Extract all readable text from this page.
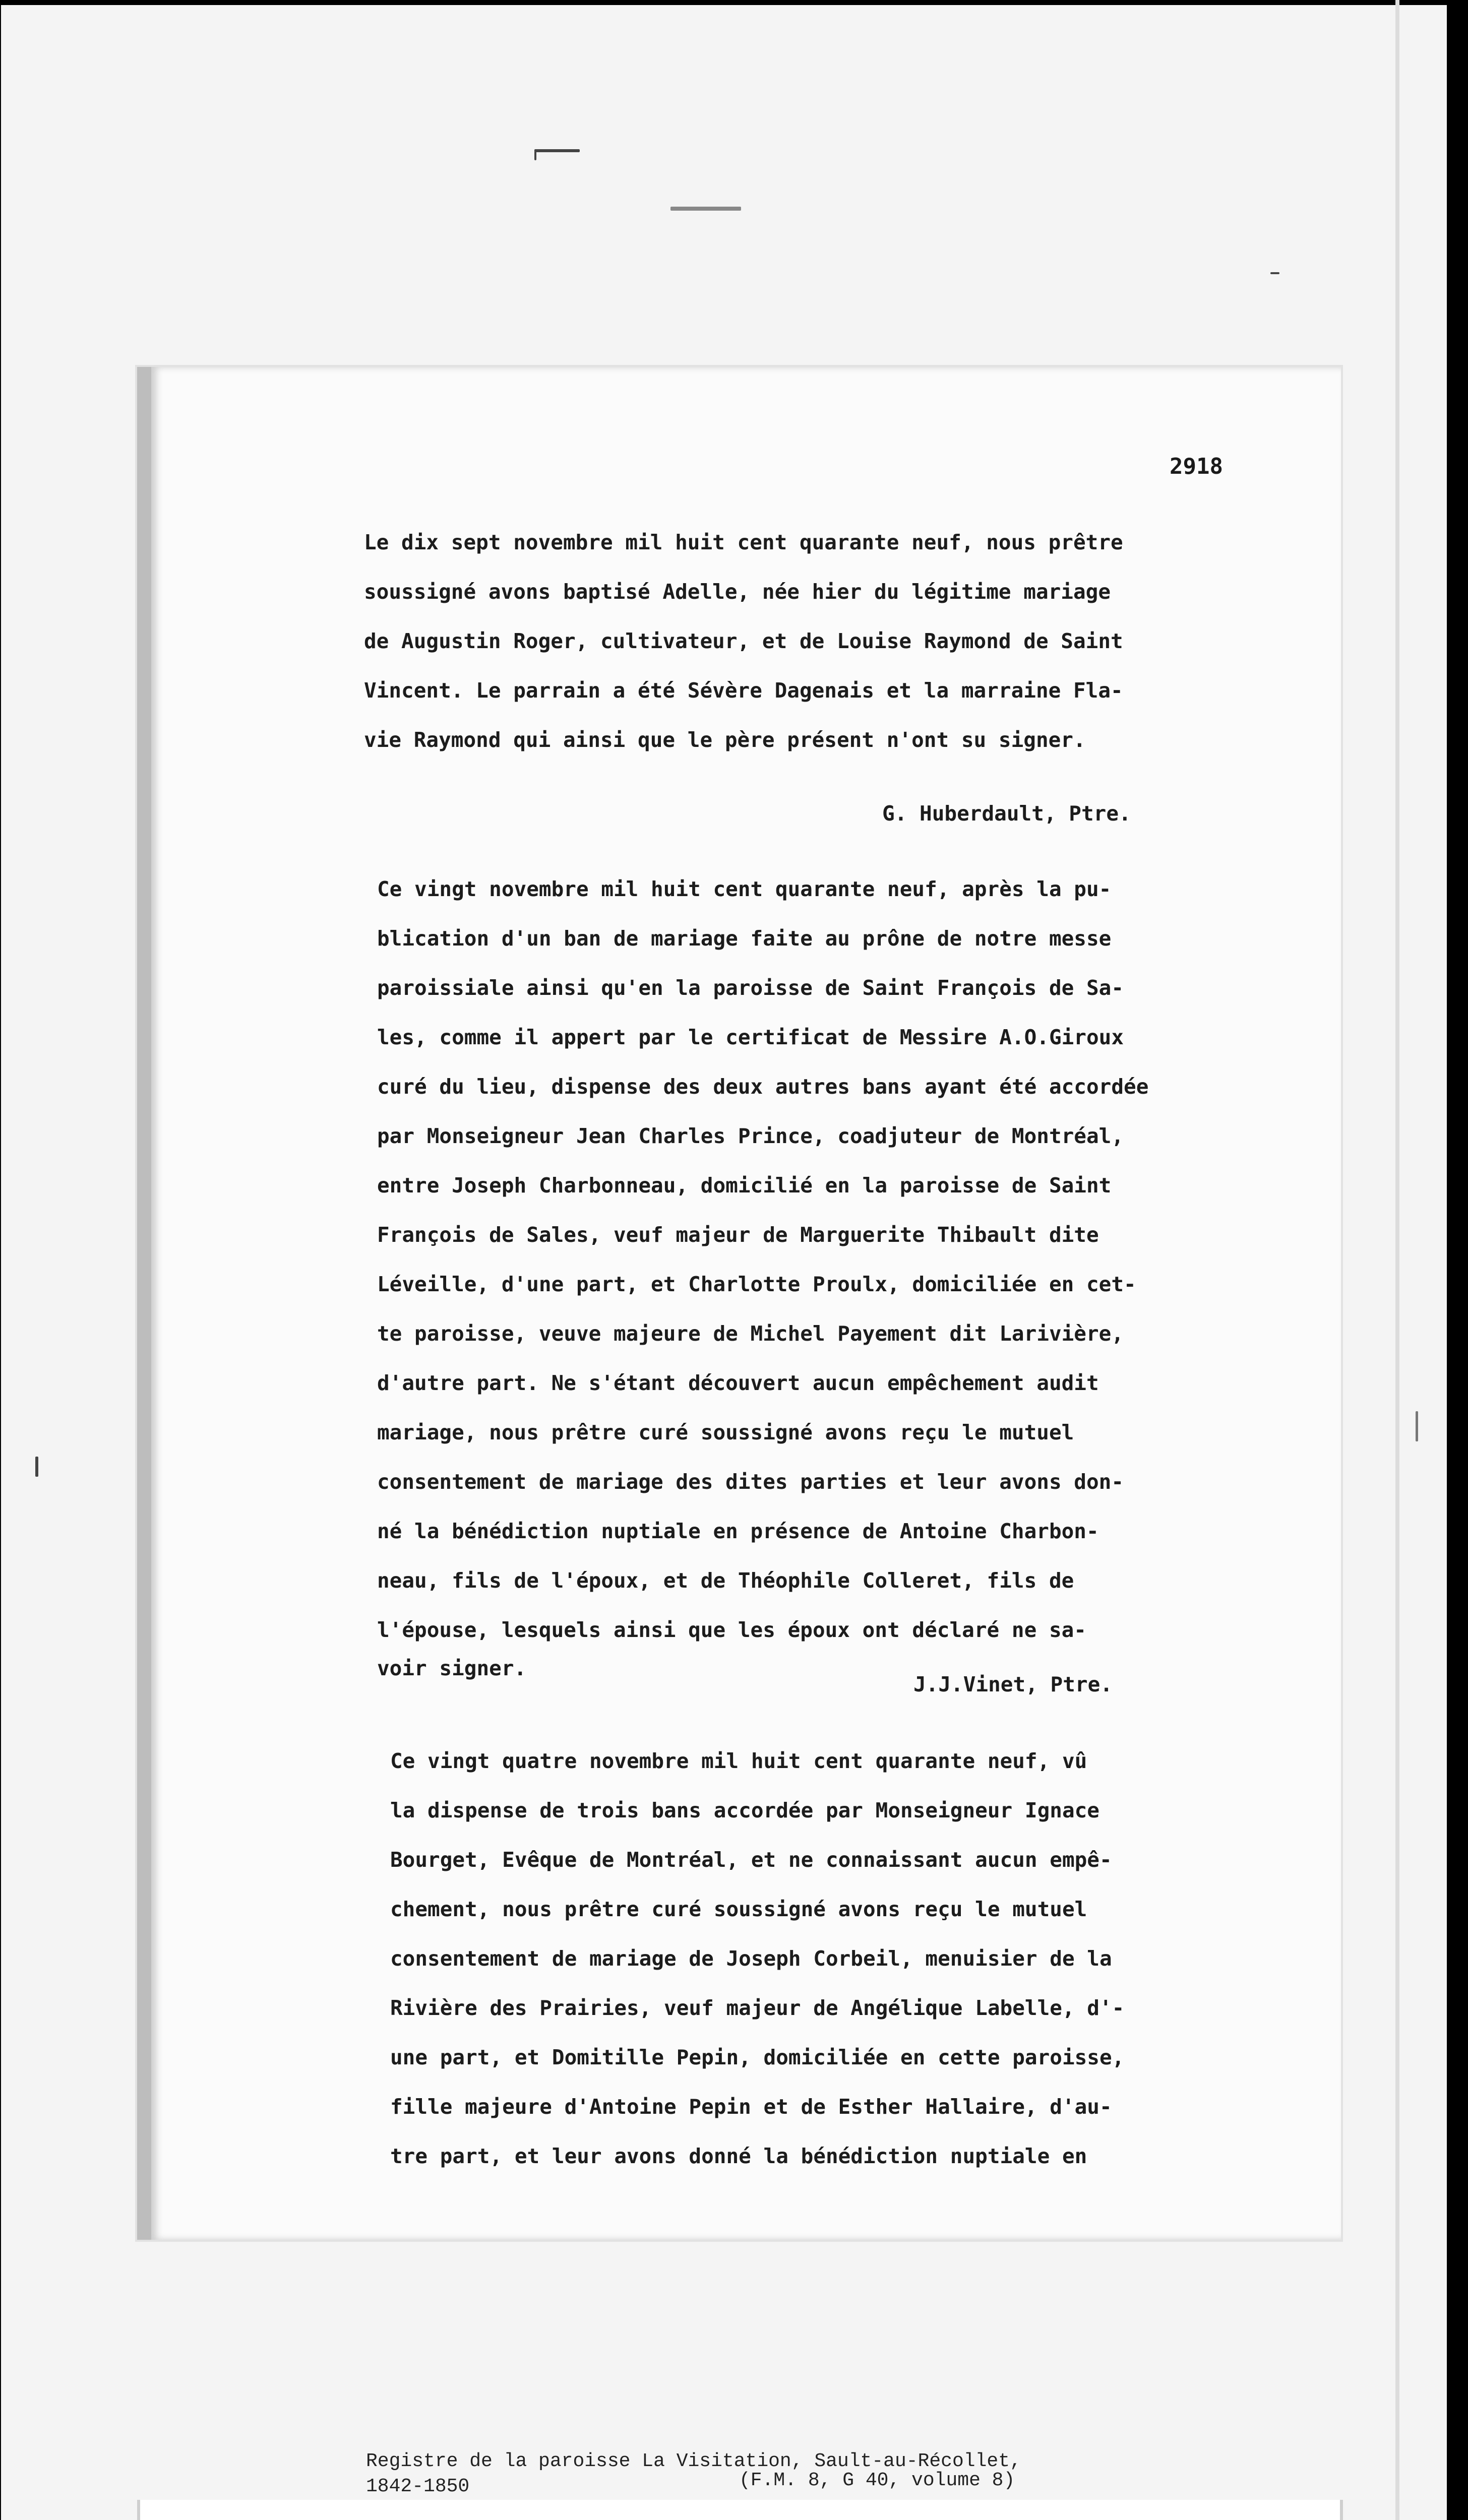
2918
Le dix sept novembre mil huit cent quarante neuf, nous prêtre
soussigné avons baptisé Adelle, née hier du légitime mariage
de Augustin Roger, cultivateur, et de Louise Raymond de Saint
Vincent. Le parrain a été Sévère Dagenais et la marraine Fla-
vie Raymond qui ainsi que le père présent n'ont su signer.
G. Huberdault, Ptre.
Ce vingt novembre mil huit cent quarante neuf, après la pu-
blication d'un ban de mariage faite au prône de notre messe
paroissiale ainsi qu'en la paroisse de Saint François de Sa-
les, comme il appert par le certificat de Messire A.O.Giroux
curé du lieu, dispense des deux autres bans ayant été accordée
par Monseigneur Jean Charles Prince, coadjuteur de Montréal,
entre Joseph Charbonneau, domicilié en la paroisse de Saint
François de Sales, veuf majeur de Marguerite Thibault dite
Léveille, d'une part, et Charlotte Proulx, domiciliée en cet-
te paroisse, veuve majeure de Michel Payement dit Larivière,
d'autre part. Ne s'étant découvert aucun empêchement audit
mariage, nous prêtre curé soussigné avons reçu le mutuel
consentement de mariage des dites parties et leur avons don-
né la bénédiction nuptiale en présence de Antoine Charbon-
neau, fils de l'époux, et de Théophile Colleret, fils de
l'épouse, lesquels ainsi que les époux ont déclaré ne sa-
voir signer.
J.J.Vinet, Ptre.
Ce vingt quatre novembre mil huit cent quarante neuf, vû
la dispense de trois bans accordée par Monseigneur Ignace
Bourget, Evêque de Montréal, et ne connaissant aucun empê-
chement, nous prêtre curé soussigné avons reçu le mutuel
consentement de mariage de Joseph Corbeil, menuisier de la
Rivière des Prairies, veuf majeur de Angélique Labelle, d'-
une part, et Domitille Pepin, domiciliée en cette paroisse,
fille majeure d'Antoine Pepin et de Esther Hallaire, d'au-
tre part, et leur avons donné la bénédiction nuptiale en
Registre de la paroisse La Visitation, Sault-au-Récollet,
1842-1850	(F.M. 8, G 40, volume 8)
